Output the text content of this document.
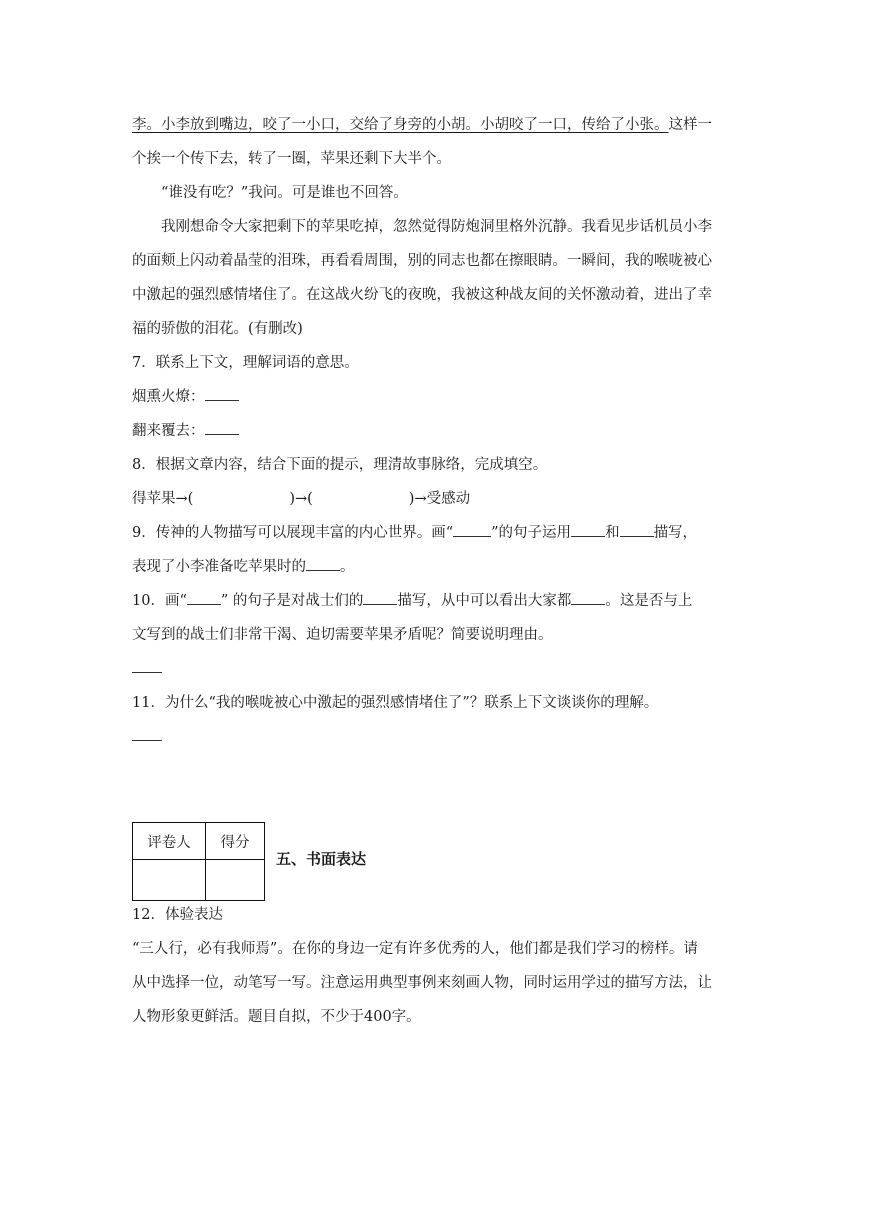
李。小李放到嘴边，咬了一小口，交给了身旁的小胡。小胡咬了一口，传给了小张。这样一
个挨一个传下去，转了一圈，苹果还剩下大半个。
“谁没有吃？”我问。可是谁也不回答。
我刚想命令大家把剩下的苹果吃掉，忽然觉得防炮洞里格外沉静。我看见步话机员小李
的面颊上闪动着晶莹的泪珠，再看看周围，别的同志也都在擦眼睛。一瞬间，我的喉咙被心
中激起的强烈感情堵住了。在这战火纷飞的夜晚，我被这种战友间的关怀激动着，进出了幸
福的骄傲的泪花。(有删改)
7．联系上下文，理解词语的意思。
烟熏火燎：
翻来覆去：
8．根据文章内容，结合下面的提示，理清故事脉络，完成填空。
得苹果→(	)→(	)→受感动
9．传神的人物描写可以展现丰富的内心世界。画“	”的句子运用 和 描写，
表现了小李准备吃苹果时的 。
10．画“ ” 的句子是对战士们的 描写，从中可以看出大家都 。这是否与上
文写到的战士们非常干渴、迫切需要苹果矛盾呢？简要说明理由。
11．为什么“我的喉咙被心中激起的强烈感情堵住了”？联系上下文谈谈你的理解。
评卷人	得分

五、书面表达
12．体验表达
“三人行，必有我师焉”。在你的身边一定有许多优秀的人，他们都是我们学习的榜样。请
从中选择一位，动笔写一写。注意运用典型事例来刻画人物，同时运用学过的描写方法，让
人物形象更鲜活。题目自拟，不少于400字。
